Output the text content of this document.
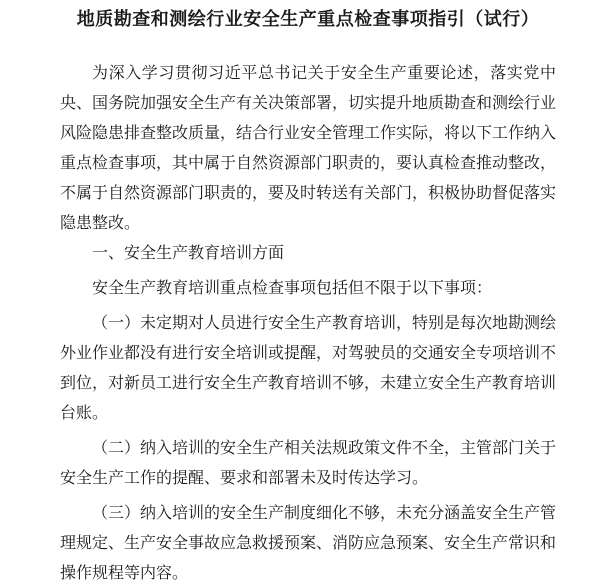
地质勘查和测绘行业安全生产重点检查事项指引（试行）

为深入学习贯彻习近平总书记关于安全生产重要论述，落实党中央、国务院加强安全生产有关决策部署，切实提升地质勘查和测绘行业风险隐患排查整改质量，结合行业安全管理工作实际，将以下工作纳入重点检查事项，其中属于自然资源部门职责的，要认真检查推动整改，不属于自然资源部门职责的，要及时转送有关部门，积极协助督促落实隐患整改。

一、安全生产教育培训方面

安全生产教育培训重点检查事项包括但不限于以下事项：

（一）未定期对人员进行安全生产教育培训，特别是每次地勘测绘外业作业都没有进行安全培训或提醒，对驾驶员的交通安全专项培训不到位，对新员工进行安全生产教育培训不够，未建立安全生产教育培训台账。

（二）纳入培训的安全生产相关法规政策文件不全，主管部门关于安全生产工作的提醒、要求和部署未及时传达学习。

（三）纳入培训的安全生产制度细化不够，未充分涵盖安全生产管理规定、生产安全事故应急救援预案、消防应急预案、安全生产常识和操作规程等内容。
